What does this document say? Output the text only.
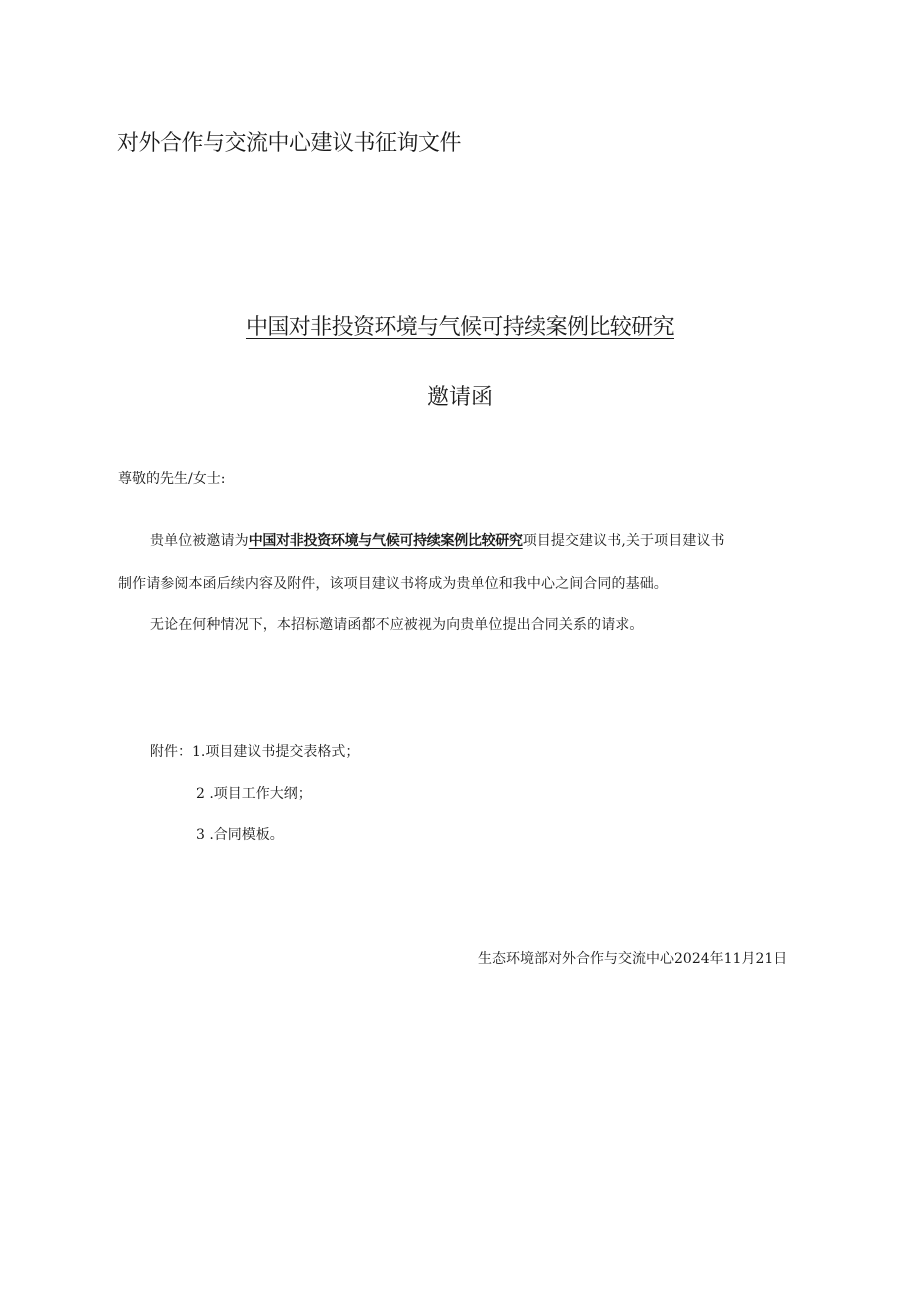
对外合作与交流中心建议书征询文件
中国对非投资环境与气候可持续案例比较研究
邀请函
尊敬的先生/女士:
贵单位被邀请为中国对非投资环境与气候可持续案例比较研究项目提交建议书,关于项目建议书
制作请参阅本函后续内容及附件，该项目建议书将成为贵单位和我中心之间合同的基础。
无论在何种情况下，本招标邀请函都不应被视为向贵单位提出合同关系的请求。
附件：1.项目建议书提交表格式；
2 .项目工作大纲；
3 .合同模板。
生态环境部对外合作与交流中心2024年11月21日
